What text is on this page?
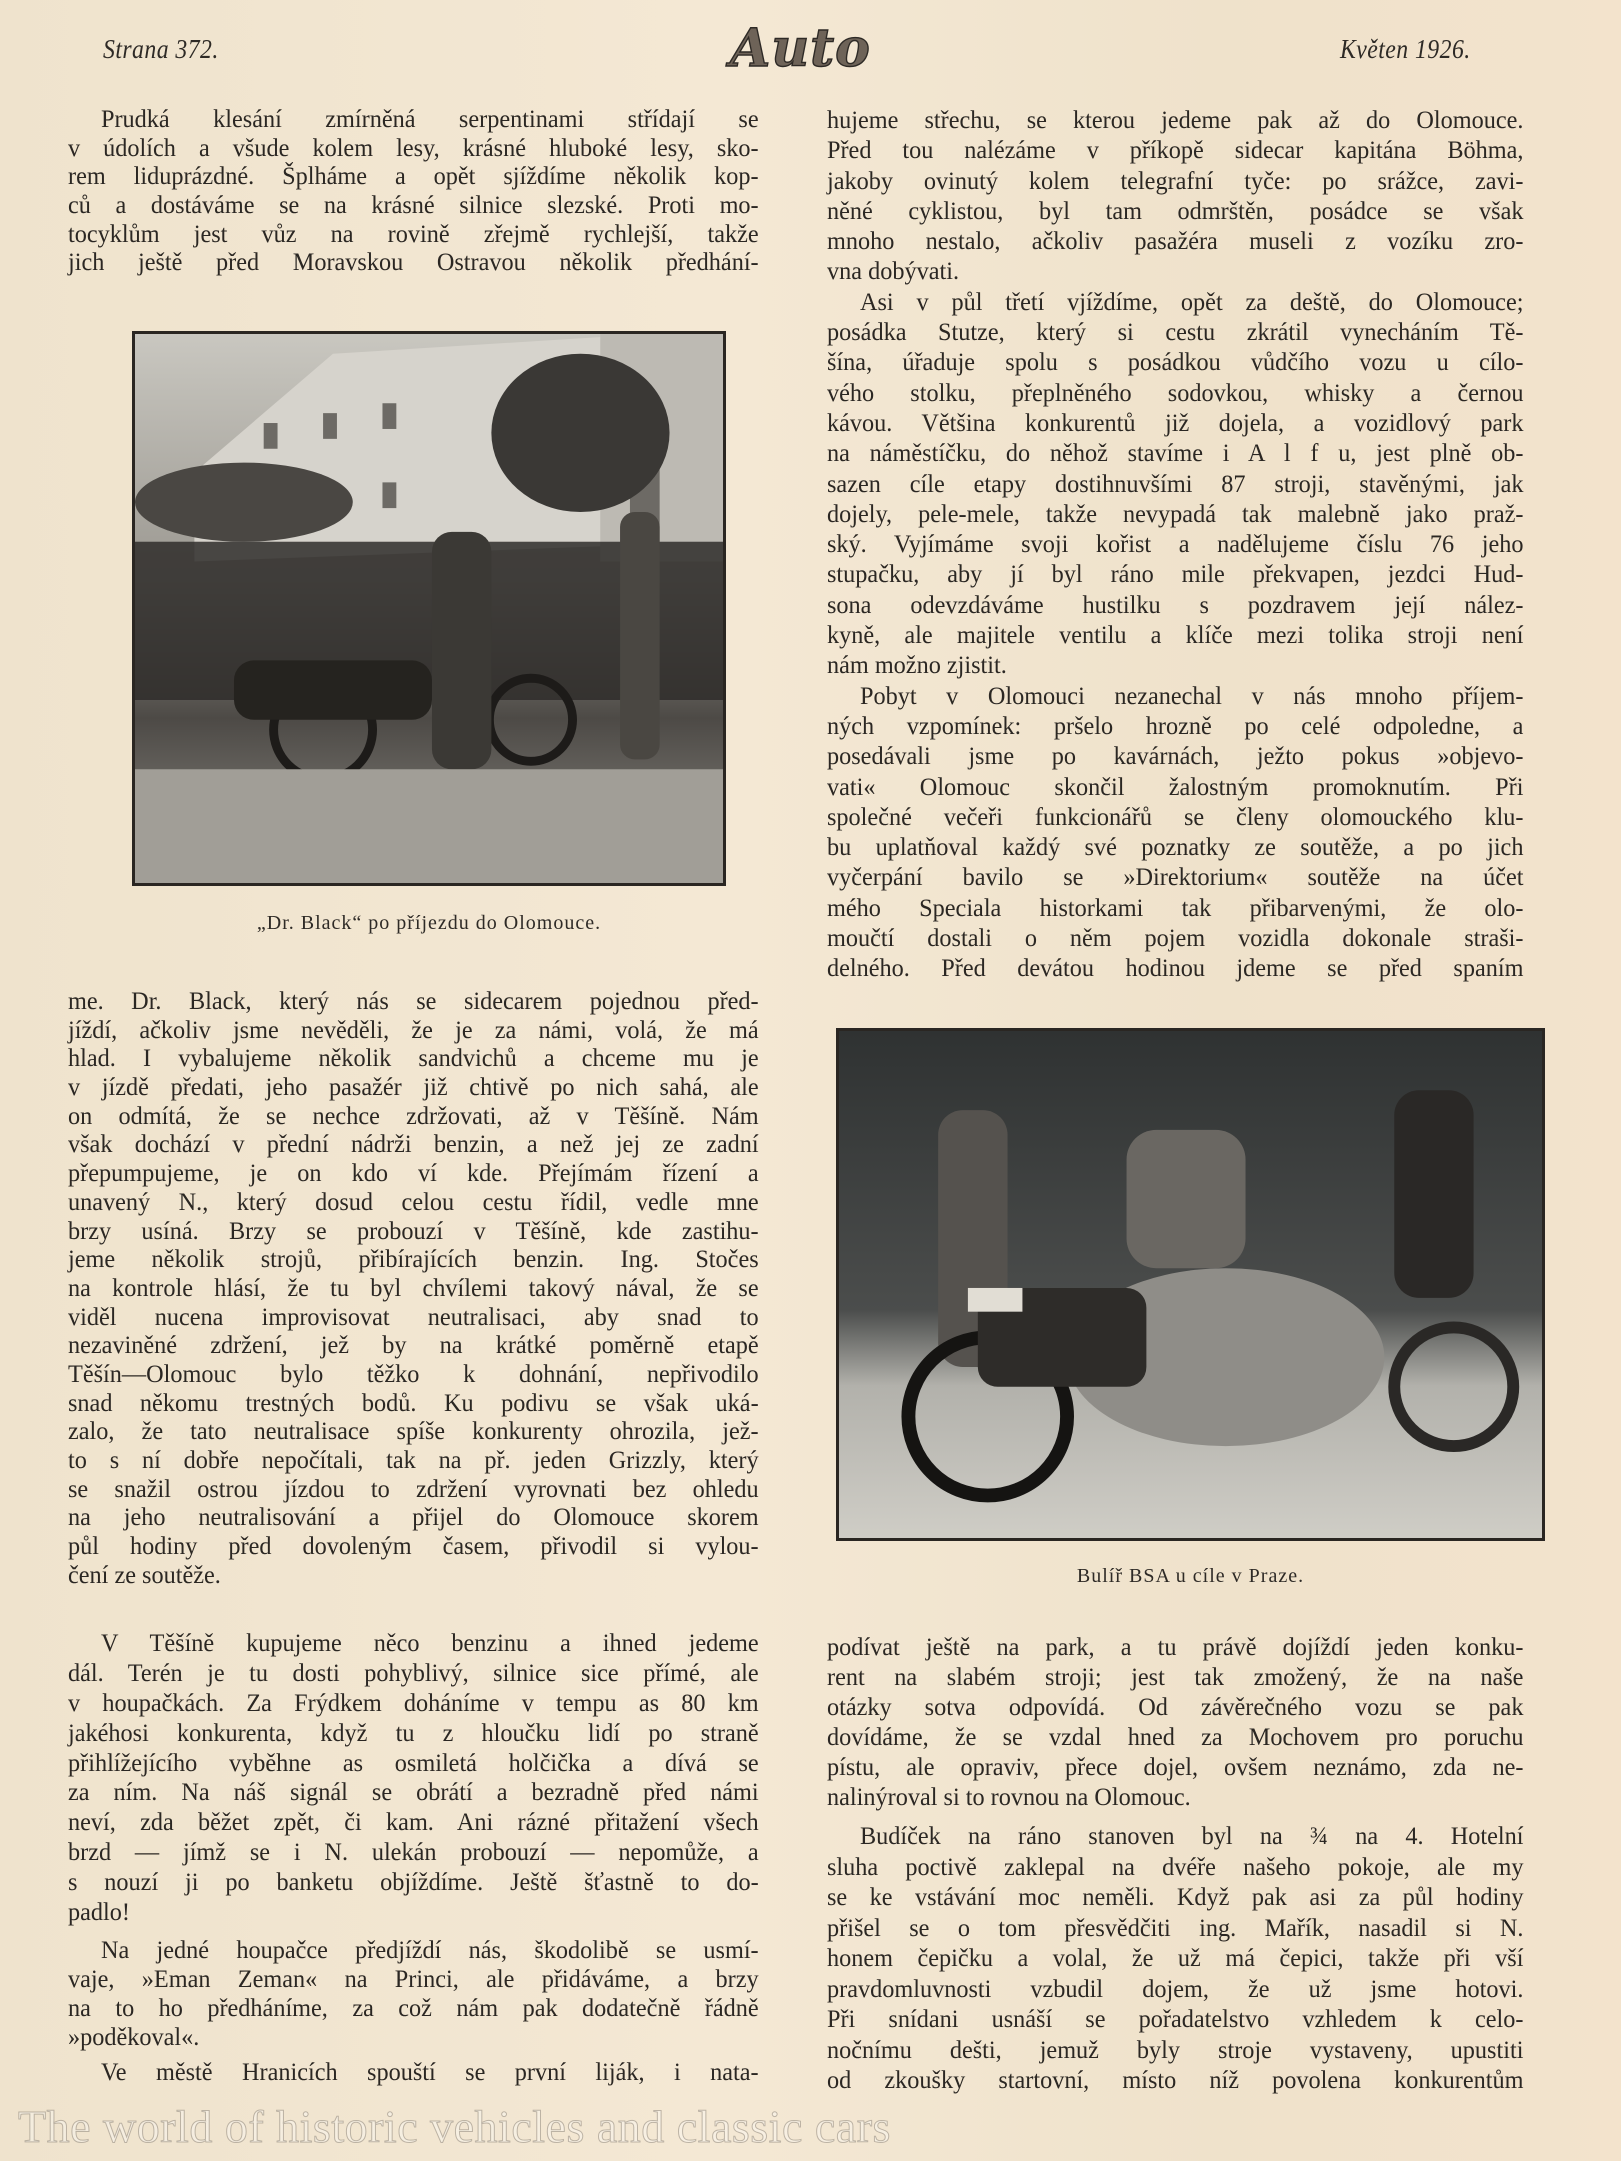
Strana 372.	Auto	Květen 1926.
Prudká klesání zmírněná serpentinami střídají se
v údolích a všude kolem lesy, krásné hluboké lesy, sko-
rem liduprázdné. Šplháme a opět sjíždíme několik kop-
ců a dostáváme se na krásné silnice slezské. Proti mo-
tocyklům jest vůz na rovině zřejmě rychlejší, takže
jich ještě před Moravskou Ostravou několik předhání-
„Dr. Black“ po příjezdu do Olomouce.
me. Dr. Black, který nás se sidecarem pojednou před-
jíždí, ačkoliv jsme nevěděli, že je za námi, volá, že má
hlad. I vybalujeme několik sandvichů a chceme mu je
v jízdě předati, jeho pasažér již chtivě po nich sahá, ale
on odmítá, že se nechce zdržovati, až v Těšíně. Nám
však dochází v přední nádrži benzin, a než jej ze zadní
přepumpujeme, je on kdo ví kde. Přejímám řízení a
unavený N., který dosud celou cestu řídil, vedle mne
brzy usíná. Brzy se probouzí v Těšíně, kde zastihu-
jeme několik strojů, přibírajících benzin. Ing. Stočes
na kontrole hlásí, že tu byl chvílemi takový nával, že se
viděl nucena improvisovat neutralisaci, aby snad to
nezaviněné zdržení, jež by na krátké poměrně etapě
Těšín—Olomouc bylo těžko k dohnání, nepřivodilo
snad někomu trestných bodů. Ku podivu se však uká-
zalo, že tato neutralisace spíše konkurenty ohrozila, jež-
to s ní dobře nepočítali, tak na př. jeden Grizzly, který
se snažil ostrou jízdou to zdržení vyrovnati bez ohledu
na jeho neutralisování a přijel do Olomouce skorem
půl hodiny před dovoleným časem, přivodil si vylou-
čení ze soutěže.
V Těšíně kupujeme něco benzinu a ihned jedeme
dál. Terén je tu dosti pohyblivý, silnice sice přímé, ale
v houpačkách. Za Frýdkem doháníme v tempu as 80 km
jakéhosi konkurenta, když tu z hloučku lidí po straně
přihlížejícího vyběhne as osmiletá holčička a dívá se
za ním. Na náš signál se obrátí a bezradně před námi
neví, zda běžet zpět, či kam. Ani rázné přitažení všech
brzd — jímž se i N. ulekán probouzí — nepomůže, a
s nouzí ji po banketu objíždíme. Ještě šťastně to do-
padlo!
Na jedné houpačce předjíždí nás, škodolibě se usmí-
vaje, »Eman Zeman« na Princi, ale přidáváme, a brzy
na to ho předháníme, za což nám pak dodatečně řádně
»poděkoval«.
Ve městě Hranicích spouští se první liják, i nata-
hujeme střechu, se kterou jedeme pak až do Olomouce.
Před tou nalézáme v příkopě sidecar kapitána Böhma,
jakoby ovinutý kolem telegrafní tyče: po srážce, zavi-
něné cyklistou, byl tam odmrštěn, posádce se však
mnoho nestalo, ačkoliv pasažéra museli z vozíku zro-
vna dobývati.
Asi v půl třetí vjíždíme, opět za deště, do Olomouce;
posádka Stutze, který si cestu zkrátil vynecháním Tě-
šína, úřaduje spolu s posádkou vůdčího vozu u cílo-
vého stolku, přeplněného sodovkou, whisky a černou
kávou. Většina konkurentů již dojela, a vozidlový park
na náměstíčku, do něhož stavíme i A l f u, jest plně ob-
sazen cíle etapy dostihnuvšími 87 stroji, stavěnými, jak
dojely, pele-mele, takže nevypadá tak malebně jako praž-
ský. Vyjímáme svoji kořist a nadělujeme číslu 76 jeho
stupačku, aby jí byl ráno mile překvapen, jezdci Hud-
sona odevzdáváme hustilku s pozdravem její nález-
kyně, ale majitele ventilu a klíče mezi tolika stroji není
nám možno zjistit.
Pobyt v Olomouci nezanechal v nás mnoho příjem-
ných vzpomínek: pršelo hrozně po celé odpoledne, a
posedávali jsme po kavárnách, ježto pokus »objevo-
vati« Olomouc skončil žalostným promoknutím. Při
společné večeři funkcionářů se členy olomouckého klu-
bu uplatňoval každý své poznatky ze soutěže, a po jich
vyčerpání bavilo se »Direktorium« soutěže na účet
mého Speciala historkami tak přibarvenými, že olo-
moučtí dostali o něm pojem vozidla dokonale straši-
delného. Před devátou hodinou jdeme se před spaním
Bulíř BSA u cíle v Praze.
podívat ještě na park, a tu právě dojíždí jeden konku-
rent na slabém stroji; jest tak zmožený, že na naše
otázky sotva odpovídá. Od závěrečného vozu se pak
dovídáme, že se vzdal hned za Mochovem pro poruchu
pístu, ale opraviv, přece dojel, ovšem neznámo, zda ne-
nalinýroval si to rovnou na Olomouc.
Budíček na ráno stanoven byl na ¾ na 4. Hotelní
sluha poctivě zaklepal na dvéře našeho pokoje, ale my
se ke vstávání moc neměli. Když pak asi za půl hodiny
přišel se o tom přesvědčiti ing. Mařík, nasadil si N.
honem čepičku a volal, že už má čepici, takže při vší
pravdomluvnosti vzbudil dojem, že už jsme hotovi.
Při snídani usnáší se pořadatelstvo vzhledem k celo-
nočnímu dešti, jemuž byly stroje vystaveny, upustiti
od zkoušky startovní, místo níž povolena konkurentům
The world of historic vehicles and classic cars
